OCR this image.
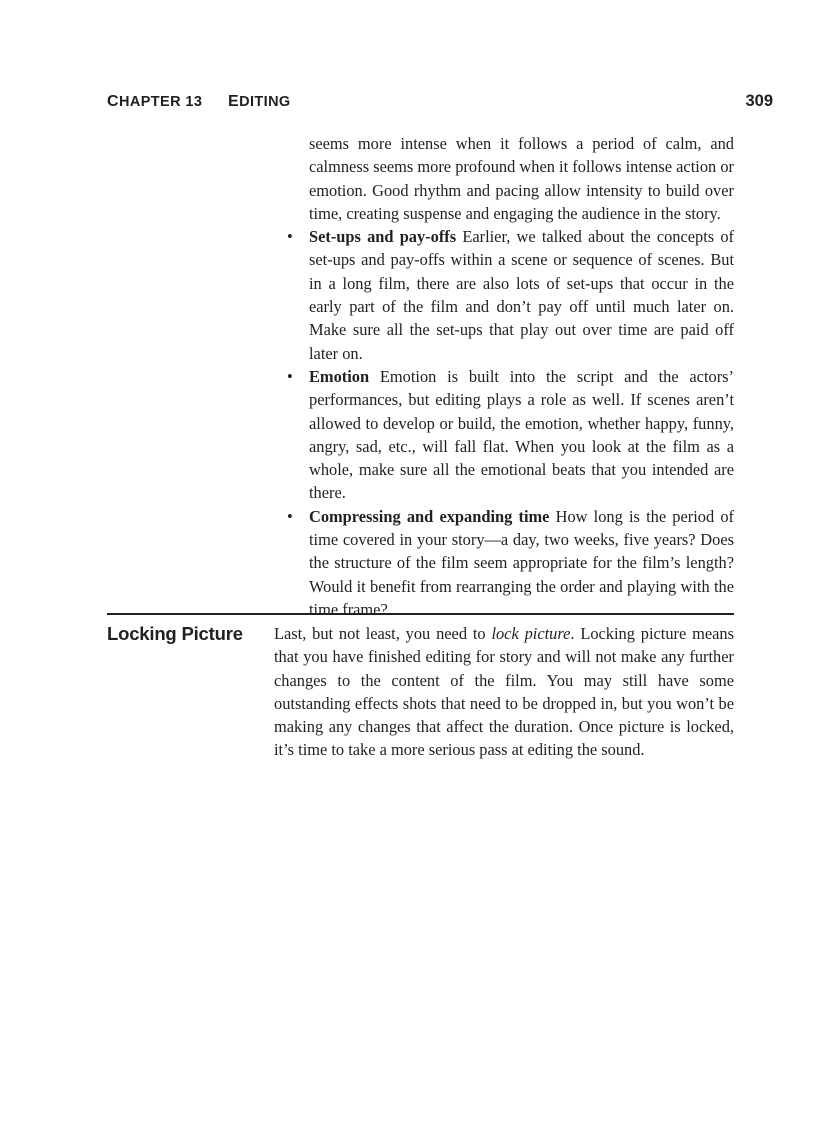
CHAPTER 13 EDITING	309

seems more intense when it follows a period of calm, and calmness seems more profound when it follows intense action or emotion. Good rhythm and pacing allow intensity to build over time, creating suspense and engaging the audience in the story.

• Set-ups and pay-offs Earlier, we talked about the concepts of set-ups and pay-offs within a scene or sequence of scenes. But in a long film, there are also lots of set-ups that occur in the early part of the film and don’t pay off until much later on. Make sure all the set-ups that play out over time are paid off later on.
• Emotion Emotion is built into the script and the actors’ performances, but editing plays a role as well. If scenes aren’t allowed to develop or build, the emotion, whether happy, funny, angry, sad, etc., will fall flat. When you look at the film as a whole, make sure all the emotional beats that you intended are there.
• Compressing and expanding time How long is the period of time covered in your story—a day, two weeks, five years? Does the structure of the film seem appropriate for the film’s length? Would it benefit from rearranging the order and playing with the time frame?
Locking Picture Last, but not least, you need to lock picture. Locking picture means that you have finished editing for story and will not make any further changes to the content of the film. You may still have some outstanding effects shots that need to be dropped in, but you won’t be making any changes that affect the duration. Once picture is locked, it’s time to take a more serious pass at editing the sound.
